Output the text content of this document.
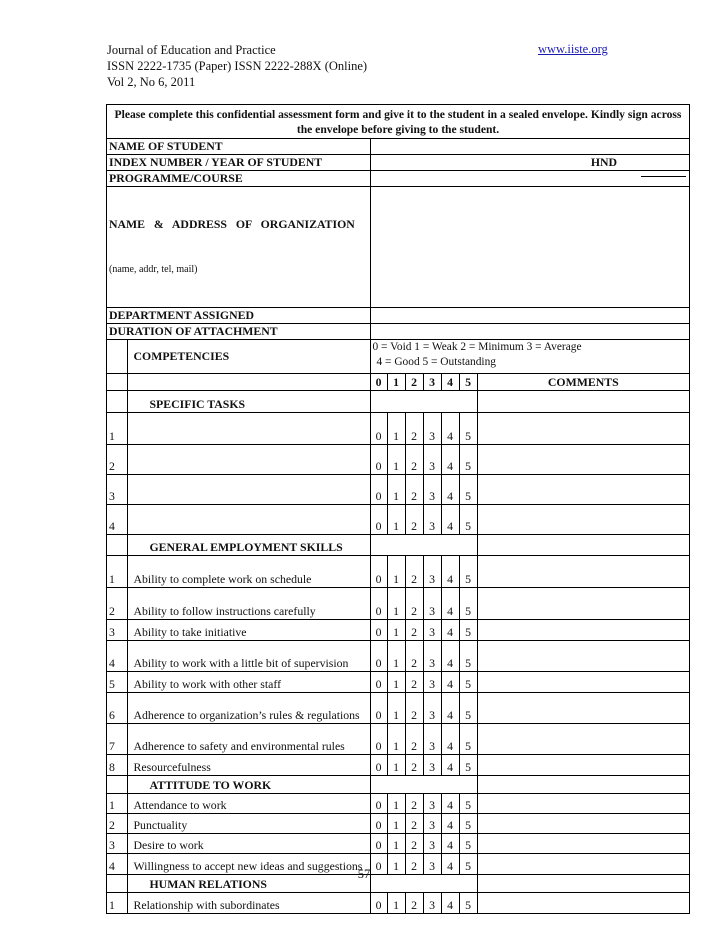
Journal of Education and Practice
ISSN 2222-1735 (Paper) ISSN 2222-288X (Online)
Vol 2, No 6, 2011
www.iiste.org
Please complete this confidential assessment form and give it to the student in a sealed envelope. Kindly sign across the envelope before giving to the student.
NAME OF STUDENT								
INDEX NUMBER / YEAR OF STUDENT		HND						
PROGRAMME/COURSE								

NAME   &   ADDRESS   OF   ORGANIZATION

(name, addr, tel, mail)								

DEPARTMENT ASSIGNED								
DURATION OF ATTACHMENT								
	COMPETENCIES	0 = Void 1 = Weak 2 = Minimum 3 = Average
4 = Good 5 = Outstanding						

		0	1	2	3	4	5	COMMENTS
	SPECIFIC TASKS							
1		0	1	2	3	4	5	
2		0	1	2	3	4	5	
3		0	1	2	3	4	5	
4		0	1	2	3	4	5	
	GENERAL EMPLOYMENT SKILLS							
1	Ability to complete work on schedule	0	1	2	3	4	5	
2	Ability to follow instructions carefully	0	1	2	3	4	5	
3	Ability to take initiative	0	1	2	3	4	5	
4	Ability to work with a little bit of supervision	0	1	2	3	4	5	
5	Ability to work with other staff	0	1	2	3	4	5	
6	Adherence to organization’s rules & regulations	0	1	2	3	4	5	
7	Adherence to safety and environmental rules	0	1	2	3	4	5	
8	Resourcefulness	0	1	2	3	4	5	
	ATTITUDE TO WORK							
1	Attendance to work	0	1	2	3	4	5	
2	Punctuality	0	1	2	3	4	5	
3	Desire to work	0	1	2	3	4	5	
4	Willingness to accept new ideas and suggestions	0	1	2	3	4	5	
	HUMAN RELATIONS							
1	Relationship with subordinates	0	1	2	3	4	5	
57
